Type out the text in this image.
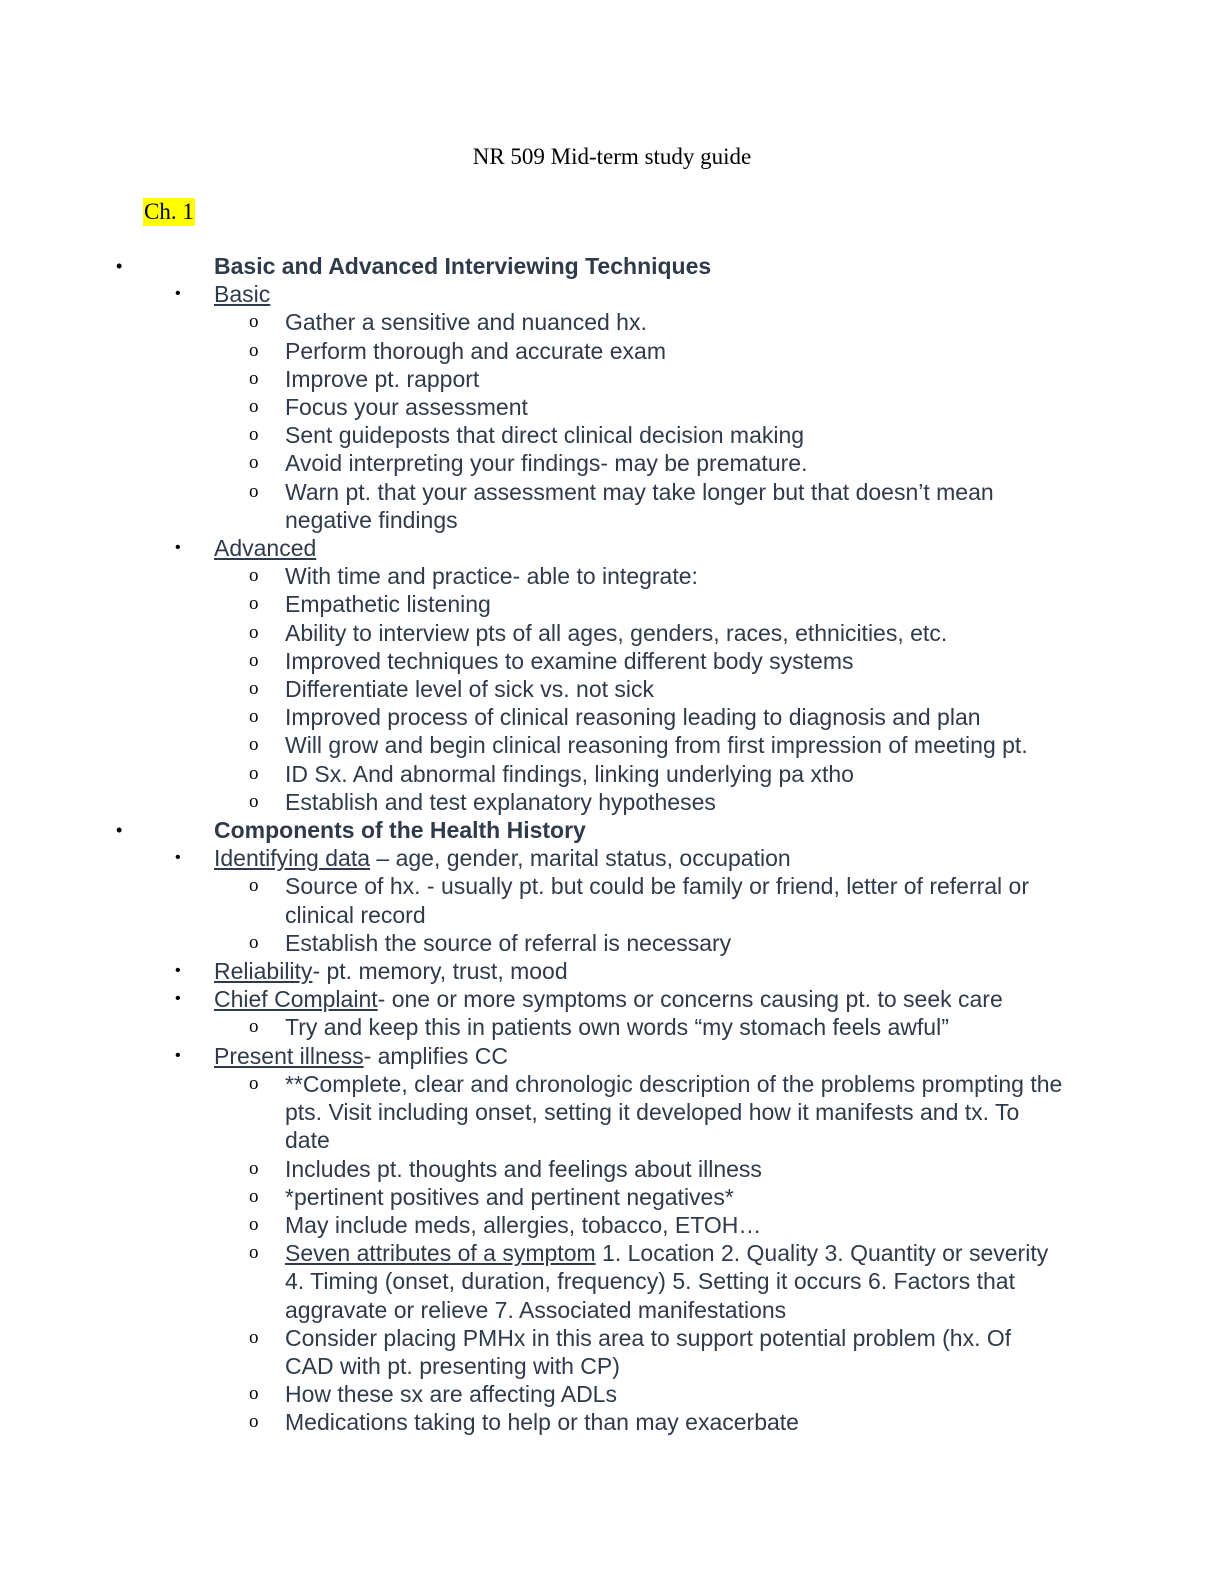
NR 509 Mid-term study guide
Ch. 1
•	Basic and Advanced Interviewing Techniques
• Basic
o Gather a sensitive and nuanced hx.
o Perform thorough and accurate exam
o Improve pt. rapport
o Focus your assessment
o Sent guideposts that direct clinical decision making
o Avoid interpreting your findings- may be premature.
o Warn pt. that your assessment may take longer but that doesn’t mean negative findings
• Advanced
o With time and practice- able to integrate:
o Empathetic listening
o Ability to interview pts of all ages, genders, races, ethnicities, etc.
o Improved techniques to examine different body systems
o Differentiate level of sick vs. not sick
o Improved process of clinical reasoning leading to diagnosis and plan
o Will grow and begin clinical reasoning from first impression of meeting pt.
o ID Sx. And abnormal findings, linking underlying pa xtho
o Establish and test explanatory hypotheses
•	Components of the Health History
• Identifying data – age, gender, marital status, occupation
o Source of hx. - usually pt. but could be family or friend, letter of referral or clinical record
o Establish the source of referral is necessary
• Reliability- pt. memory, trust, mood
• Chief Complaint- one or more symptoms or concerns causing pt. to seek care
o Try and keep this in patients own words “my stomach feels awful”
• Present illness- amplifies CC
o **Complete, clear and chronologic description of the problems prompting the pts. Visit including onset, setting it developed how it manifests and tx. To date
o Includes pt. thoughts and feelings about illness
o *pertinent positives and pertinent negatives*
o May include meds, allergies, tobacco, ETOH…
o Seven attributes of a symptom 1. Location 2. Quality 3. Quantity or severity 4. Timing (onset, duration, frequency) 5. Setting it occurs 6. Factors that aggravate or relieve 7. Associated manifestations
o Consider placing PMHx in this area to support potential problem (hx. Of CAD with pt. presenting with CP)
o How these sx are affecting ADLs
o Medications taking to help or than may exacerbate
